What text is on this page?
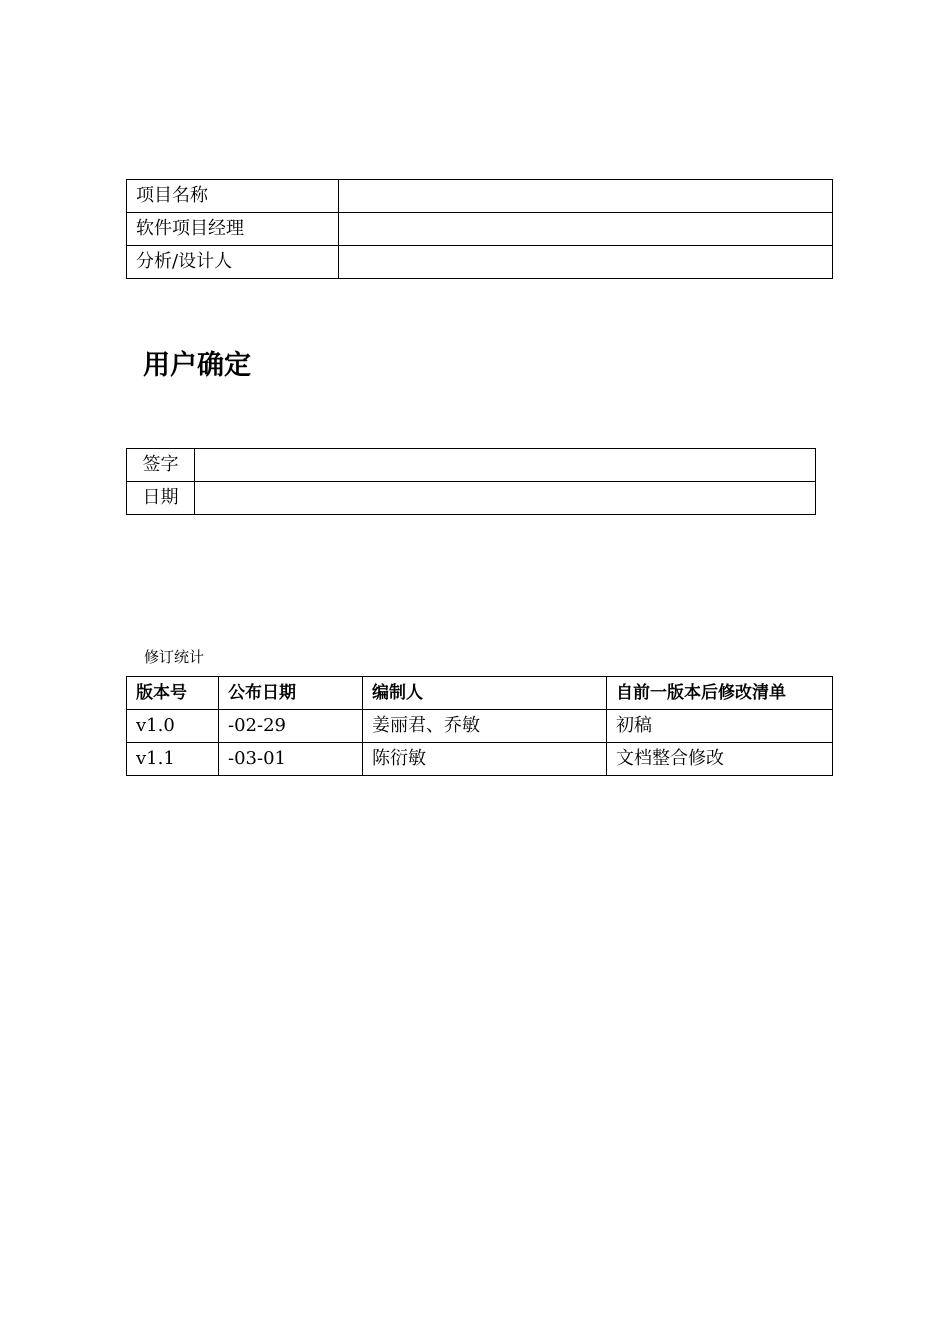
项目名称	
软件项目经理	
分析/设计人	
用户确定
签字	
日期	
修订统计
版本号	公布日期	编制人	自前一版本后修改清单
v1.0	-02-29	姜丽君、乔敏	初稿
v1.1	-03-01	陈衍敏	文档整合修改
